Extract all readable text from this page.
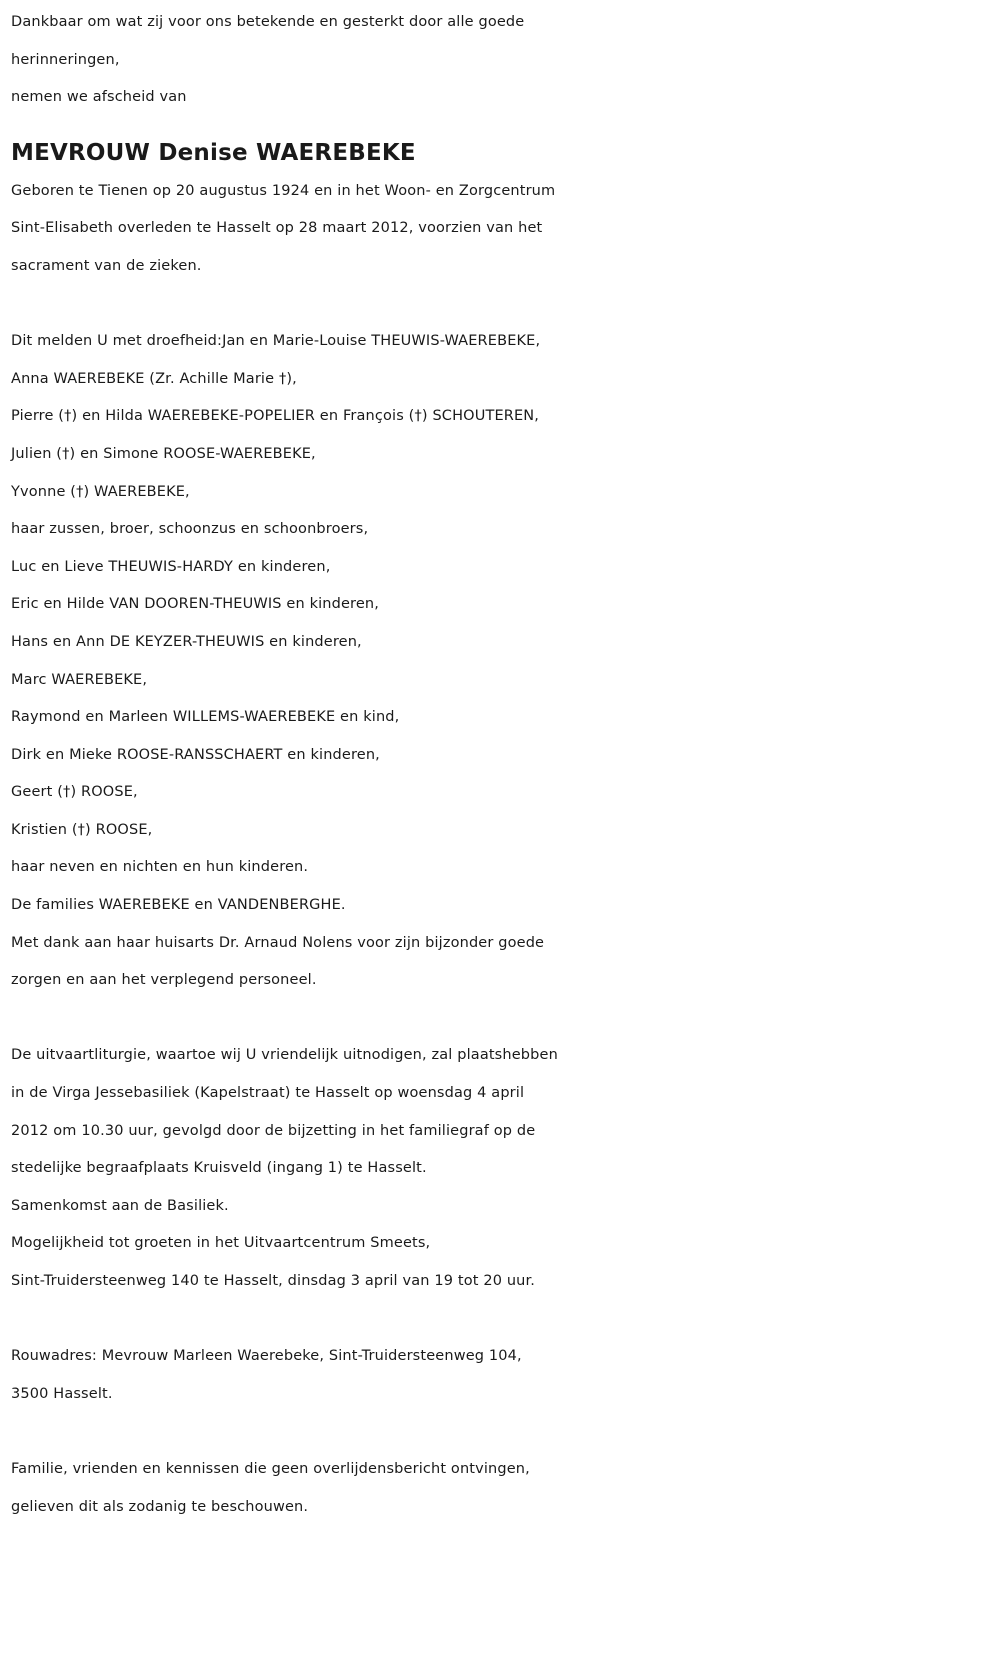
Dankbaar om wat zij voor ons betekende en gesterkt door alle goede
herinneringen,
nemen we afscheid van
MEVROUW Denise WAEREBEKE
Geboren te Tienen op 20 augustus 1924 en in het Woon- en Zorgcentrum
Sint-Elisabeth overleden te Hasselt op 28 maart 2012, voorzien van het
sacrament van de zieken.
Dit melden U met droefheid:Jan en Marie-Louise THEUWIS-WAEREBEKE,
Anna WAEREBEKE (Zr. Achille Marie †),
Pierre (†) en Hilda WAEREBEKE-POPELIER en François (†) SCHOUTEREN,
Julien (†) en Simone ROOSE-WAEREBEKE,
Yvonne (†) WAEREBEKE,
haar zussen, broer, schoonzus en schoonbroers,
Luc en Lieve THEUWIS-HARDY en kinderen,
Eric en Hilde VAN DOOREN-THEUWIS en kinderen,
Hans en Ann DE KEYZER-THEUWIS en kinderen,
Marc WAEREBEKE,
Raymond en Marleen WILLEMS-WAEREBEKE en kind,
Dirk en Mieke ROOSE-RANSSCHAERT en kinderen,
Geert (†) ROOSE,
Kristien (†) ROOSE,
haar neven en nichten en hun kinderen.
De families WAEREBEKE en VANDENBERGHE.
Met dank aan haar huisarts Dr. Arnaud Nolens voor zijn bijzonder goede
zorgen en aan het verplegend personeel.
De uitvaartliturgie, waartoe wij U vriendelijk uitnodigen, zal plaatshebben
in de Virga Jessebasiliek (Kapelstraat) te Hasselt op woensdag 4 april
2012 om 10.30 uur, gevolgd door de bijzetting in het familiegraf op de
stedelijke begraafplaats Kruisveld (ingang 1) te Hasselt.
Samenkomst aan de Basiliek.
Mogelijkheid tot groeten in het Uitvaartcentrum Smeets,
Sint-Truidersteenweg 140 te Hasselt, dinsdag 3 april van 19 tot 20 uur.
Rouwadres: Mevrouw Marleen Waerebeke, Sint-Truidersteenweg 104,
3500 Hasselt.
Familie, vrienden en kennissen die geen overlijdensbericht ontvingen,
gelieven dit als zodanig te beschouwen.
